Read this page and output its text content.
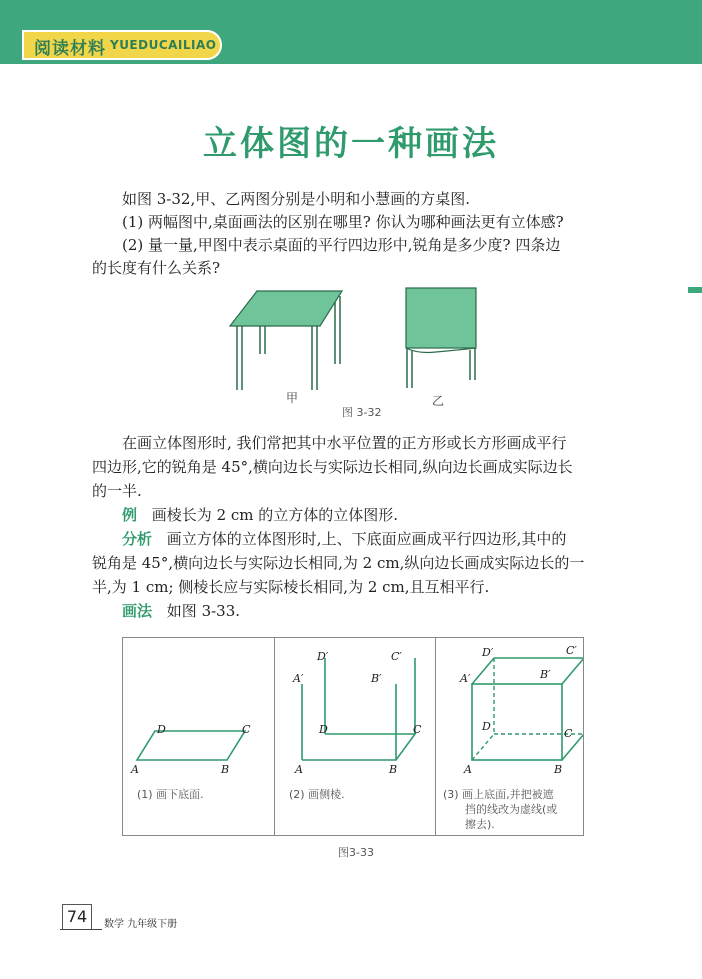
阅读材料 YUEDUCAILIAO
立体图的一种画法
如图 3-32,甲、乙两图分别是小明和小慧画的方桌图.
(1) 两幅图中,桌面画法的区别在哪里? 你认为哪种画法更有立体感?
(2) 量一量,甲图中表示桌面的平行四边形中,锐角是多少度? 四条边
的长度有什么关系?
甲	乙
图 3-32
在画立体图形时, 我们常把其中水平位置的正方形或长方形画成平行
四边形,它的锐角是 45°,横向边长与实际边长相同,纵向边长画成实际边长
的一半.
例 画棱长为 2 cm 的立方体的立体图形.
分析 画立方体的立体图形时,上、下底面应画成平行四边形,其中的
锐角是 45°,横向边长与实际边长相同,为 2 cm,纵向边长画成实际边长的一
半,为 1 cm; 侧棱长应与实际棱长相同,为 2 cm,且互相平行.
画法 如图 3-33.
A	B
C
D
(1) 画下底面.
A	B
C
D
A′	B′
C′
D′
(2) 画侧棱.
A	B
C
D
A′	B′
C′
D′
(3) 画上底面,并把被遮
挡的线改为虚线(或
擦去).
图3-33
74	数学 九年级下册
